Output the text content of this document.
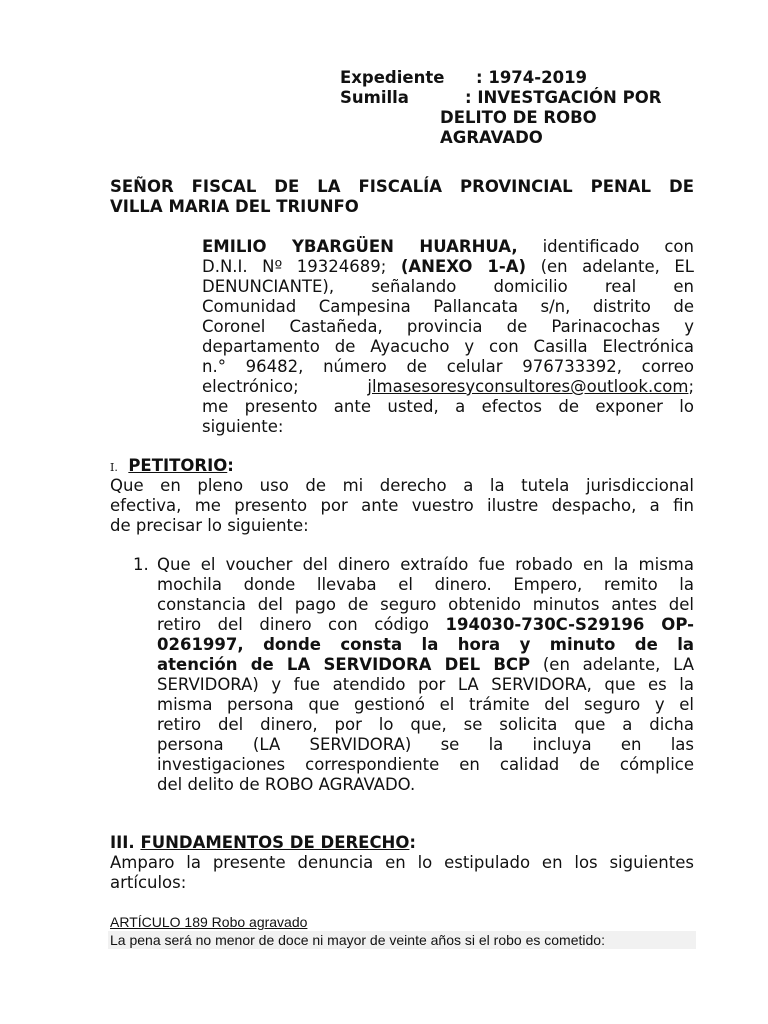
Expediente : 1974-2019
Sumilla	: INVESTGACIÓN POR
DELITO DE ROBO
AGRAVADO
SEÑOR FISCAL DE LA FISCALÍA PROVINCIAL PENAL DE
VILLA MARIA DEL TRIUNFO
EMILIO YBARGÜEN HUARHUA, identificado con
D.N.I. Nº 19324689; (ANEXO 1-A) (en adelante, EL
DENUNCIANTE), señalando domicilio real en
Comunidad Campesina Pallancata s/n, distrito de
Coronel Castañeda, provincia de Parinacochas y
departamento de Ayacucho y con Casilla Electrónica
n.° 96482, número de celular 976733392, correo
electrónico;	jlmasesoresyconsultores@outlook.com;
me presento ante usted, a efectos de exponer lo
siguiente:
I. PETITORIO:
Que en pleno uso de mi derecho a la tutela jurisdiccional
efectiva, me presento por ante vuestro ilustre despacho, a fin
de precisar lo siguiente:
1. Que el voucher del dinero extraído fue robado en la misma
mochila donde llevaba el dinero. Empero, remito la
constancia del pago de seguro obtenido minutos antes del
retiro del dinero con código 194030-730C-S29196 OP-
0261997, donde consta la hora y minuto de la
atención de LA SERVIDORA DEL BCP (en adelante, LA
SERVIDORA) y fue atendido por LA SERVIDORA, que es la
misma persona que gestionó el trámite del seguro y el
retiro del dinero, por lo que, se solicita que a dicha
persona (LA SERVIDORA) se la incluya en las
investigaciones correspondiente en calidad de cómplice
del delito de ROBO AGRAVADO.
III. FUNDAMENTOS DE DERECHO:
Amparo la presente denuncia en lo estipulado en los siguientes
artículos:
ARTÍCULO 189 Robo agravado
La pena será no menor de doce ni mayor de veinte años si el robo es cometido:
